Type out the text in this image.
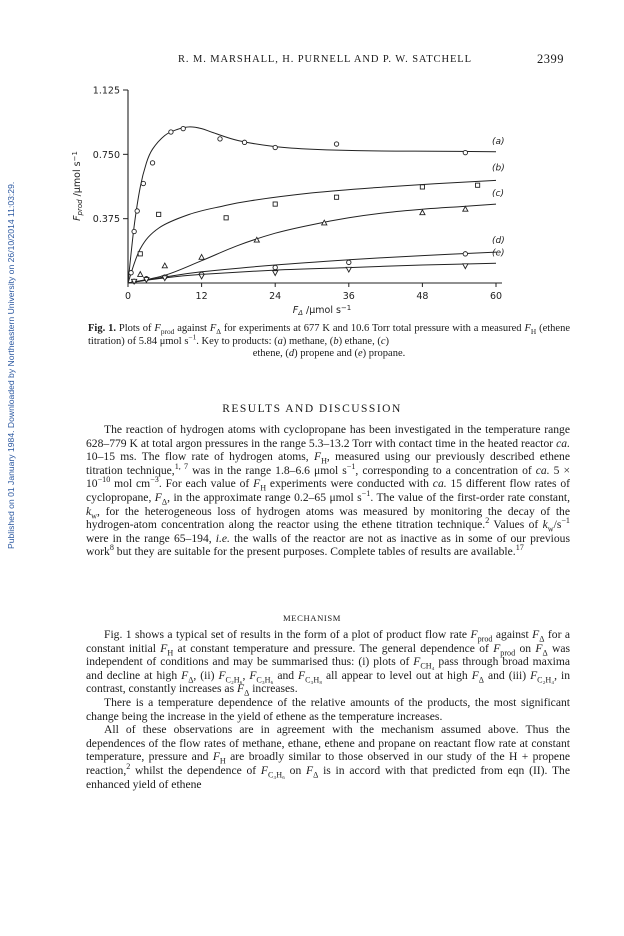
Published on 01 January 1984. Downloaded by Northeastern University on 26/10/2014 11:03:29.
R. M. MARSHALL, H. PURNELL AND P. W. SATCHELL	2399
0.375
0.750
1.125
0	12	24	36	48	60
(a)
(b)
(c)
(d)
(e)
$F_{prod}$ /μmol $s^{-1}$
$F_\Delta$ /μmol $s^{-1}$
Fig. 1. Plots of $F_{prod}$ against $F_\Delta$ for experiments at 677 K and 10.6 Torr total pressure with a measured $F_H$ (ethene titration) of 5.84 μmol $s^{-1}$. Key to products: (a) methane, (b) ethane, (c)
ethene, (d) propene and (e) propane.
RESULTS AND DISCUSSION

The reaction of hydrogen atoms with cyclopropane has been investigated in the temperature range 628–779 K at total argon pressures in the range 5.3–13.2 Torr with contact time in the heated reactor ca. 10–15 ms. The flow rate of hydrogen atoms, $F_H$, measured using our previously described ethene titration technique,$^{1, 7}$ was in the range 1.8–6.6 μmol $s^{-1}$, corresponding to a concentration of ca. $5 \times 10^{-10}$ mol $cm^{-3}$. For each value of $F_H$ experiments were conducted with ca. 15 different flow rates of cyclopropane, $F_\Delta$, in the approximate range 0.2–65 μmol $s^{-1}$. The value of the first-order rate constant, $k_w$, for the heterogeneous loss of hydrogen atoms was measured by monitoring the decay of the hydrogen-atom concentration along the reactor using the ethene titration technique.$^2$ Values of $k_w/s^{-1}$ were in the range 65–194, i.e. the walls of the reactor are not as inactive as in some of our previous work$^8$ but they are suitable for the present purposes. Complete tables of results are available.$^{17}$

MECHANISM

Fig. 1 shows a typical set of results in the form of a plot of product flow rate $F_{prod}$ against $F_\Delta$ for a constant initial $F_H$ at constant temperature and pressure. The general dependence of $F_{prod}$ on $F_\Delta$ was independent of conditions and may be summarised thus: (i) plots of $F_{CH_4}$ pass through broad maxima and decline at high $F_\Delta$, (ii) $F_{C_2H_6}$, $F_{C_3H_6}$ and $F_{C_3H_8}$ all appear to level out at high $F_\Delta$ and (iii) $F_{C_2H_4}$, in contrast, constantly increases as $F_\Delta$ increases.

There is a temperature dependence of the relative amounts of the products, the most significant change being the increase in the yield of ethene as the temperature increases.

All of these observations are in agreement with the mechanism assumed above. Thus the dependences of the flow rates of methane, ethane, ethene and propane on reactant flow rate at constant temperature, pressure and $F_H$ are broadly similar to those observed in our study of the H + propene reaction,$^2$ whilst the dependence of $F_{C_3H_6}$ on $F_\Delta$ is in accord with that predicted from eqn (II). The enhanced yield of ethene
